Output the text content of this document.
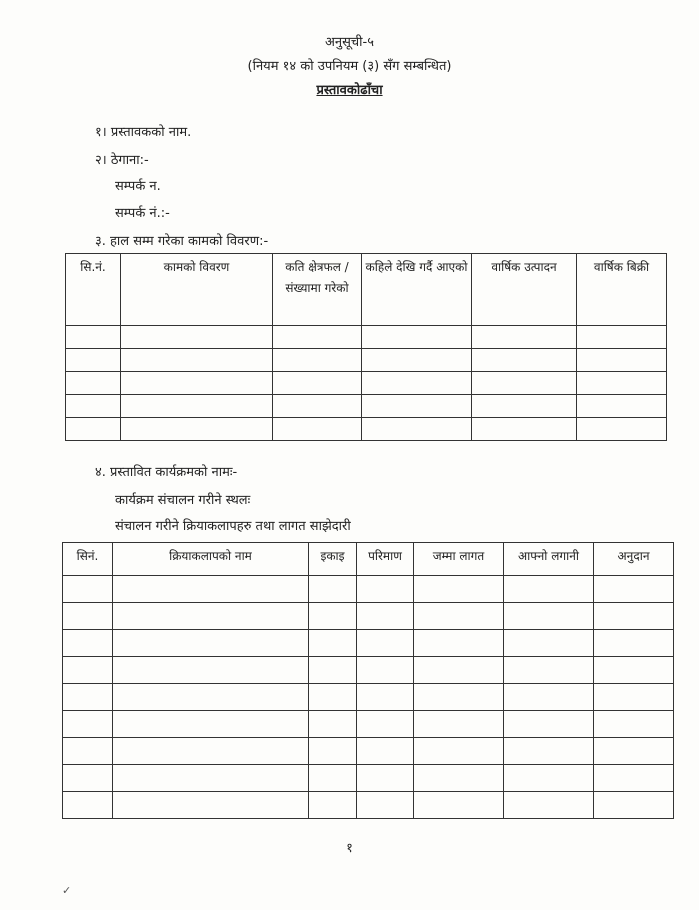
अनुसूची-५
(नियम १४ को उपनियम (३) सँग सम्बन्धित)
प्रस्तावकोढाँचा
१। प्रस्तावकको नाम.
२। ठेगाना:-
सम्पर्क न.
सम्पर्क नं.:-
३. हाल सम्म गरेका कामको विवरण:-
सि.नं.	कामको विवरण	कति क्षेत्रफल / संख्यामा गरेको	कहिले देखि गर्दै आएको	वार्षिक उत्पादन	वार्षिक बिक्री

४. प्रस्तावित कार्यक्रमको नामः-
कार्यक्रम संचालन गरीने स्थलः
संचालन गरीने क्रियाकलापहरु तथा लागत साझेदारी
सिनं.	क्रियाकलापको नाम	इकाइ	परिमाण	जम्मा लागत	आफ्नो लगानी	अनुदान

१
✓
